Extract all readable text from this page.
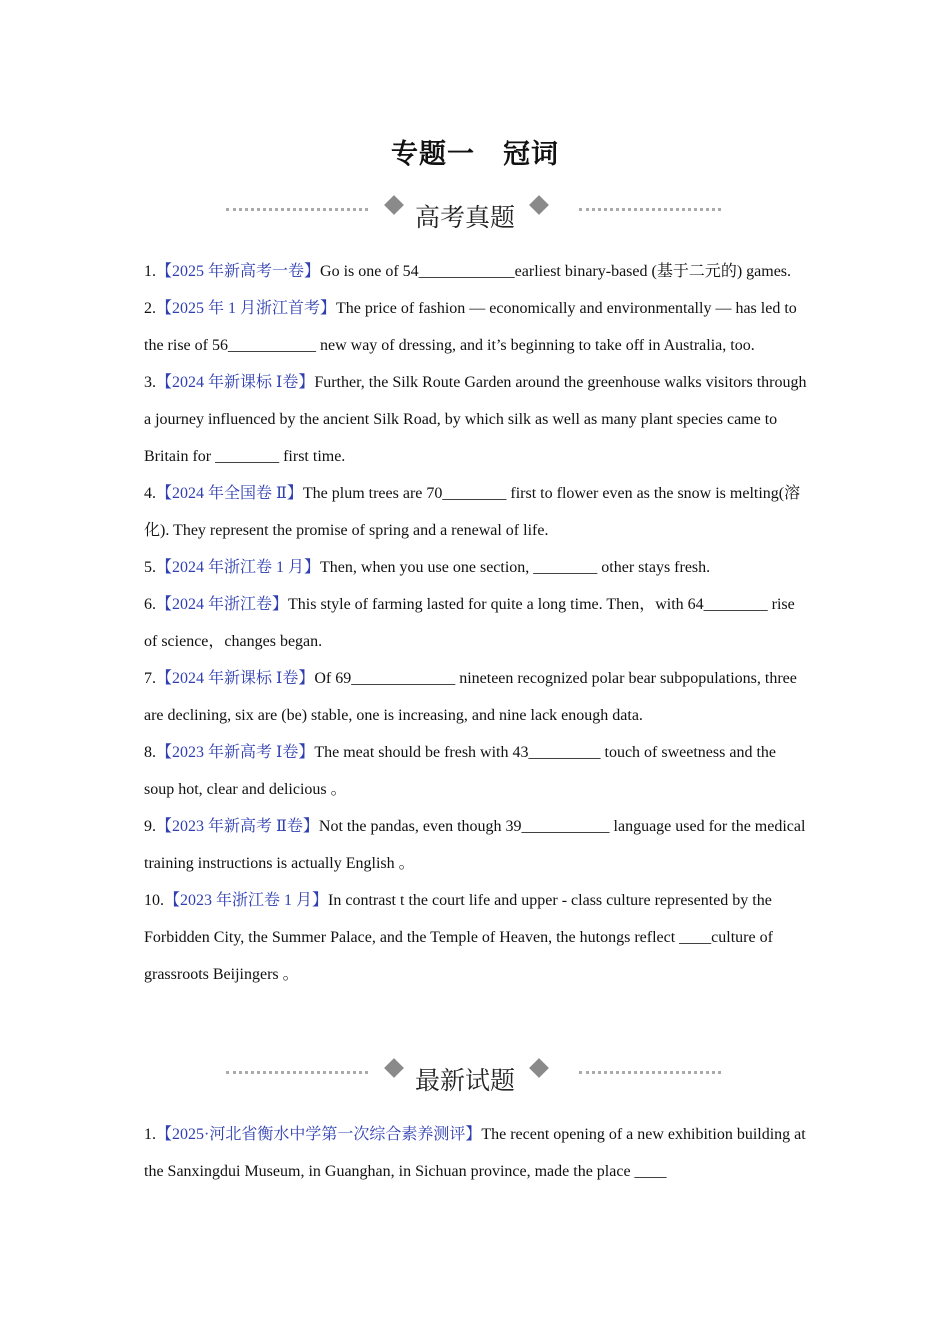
专题一　冠词
高考真题

1.【2025 年新高考一卷】Go is one of 54____________earliest binary-based (基于二元的) games.

2.【2025 年 1 月浙江首考】The price of fashion — economically and environmentally — has led to the rise of 56___________ new way of dressing, and it’s beginning to take off in Australia, too.

3.【2024 年新课标 Ⅰ卷】Further, the Silk Route Garden around the greenhouse walks visitors through a journey influenced by the ancient Silk Road, by which silk as well as many plant species came to Britain for ________ first time.

4.【2024 年全国卷 Ⅱ】The plum trees are 70________ first to flower even as the snow is melting(溶化). They represent the promise of spring and a renewal of life.

5.【2024 年浙江卷 1 月】Then, when you use one section, ________ other stays fresh.

6.【2024 年浙江卷】This style of farming lasted for quite a long time. Then，with 64________ rise of science，changes began.

7.【2024 年新课标 Ⅰ卷】Of 69_____________ nineteen recognized polar bear subpopulations, three are declining, six are (be) stable, one is increasing, and nine lack enough data.

8.【2023 年新高考 Ⅰ卷】The meat should be fresh with 43_________ touch of sweetness and the soup hot, clear and delicious 。

9.【2023 年新高考 Ⅱ卷】Not the pandas, even though 39___________ language used for the medical training instructions is actually English 。

10.【2023 年浙江卷 1 月】In contrast t the court life and upper - class culture represented by the Forbidden City, the Summer Palace, and the Temple of Heaven, the hutongs reflect ____culture of grassroots Beijingers 。

最新试题

1.【2025·河北省衡水中学第一次综合素养测评】The recent opening of a new exhibition building at the Sanxingdui Museum, in Guanghan, in Sichuan province, made the place ____
